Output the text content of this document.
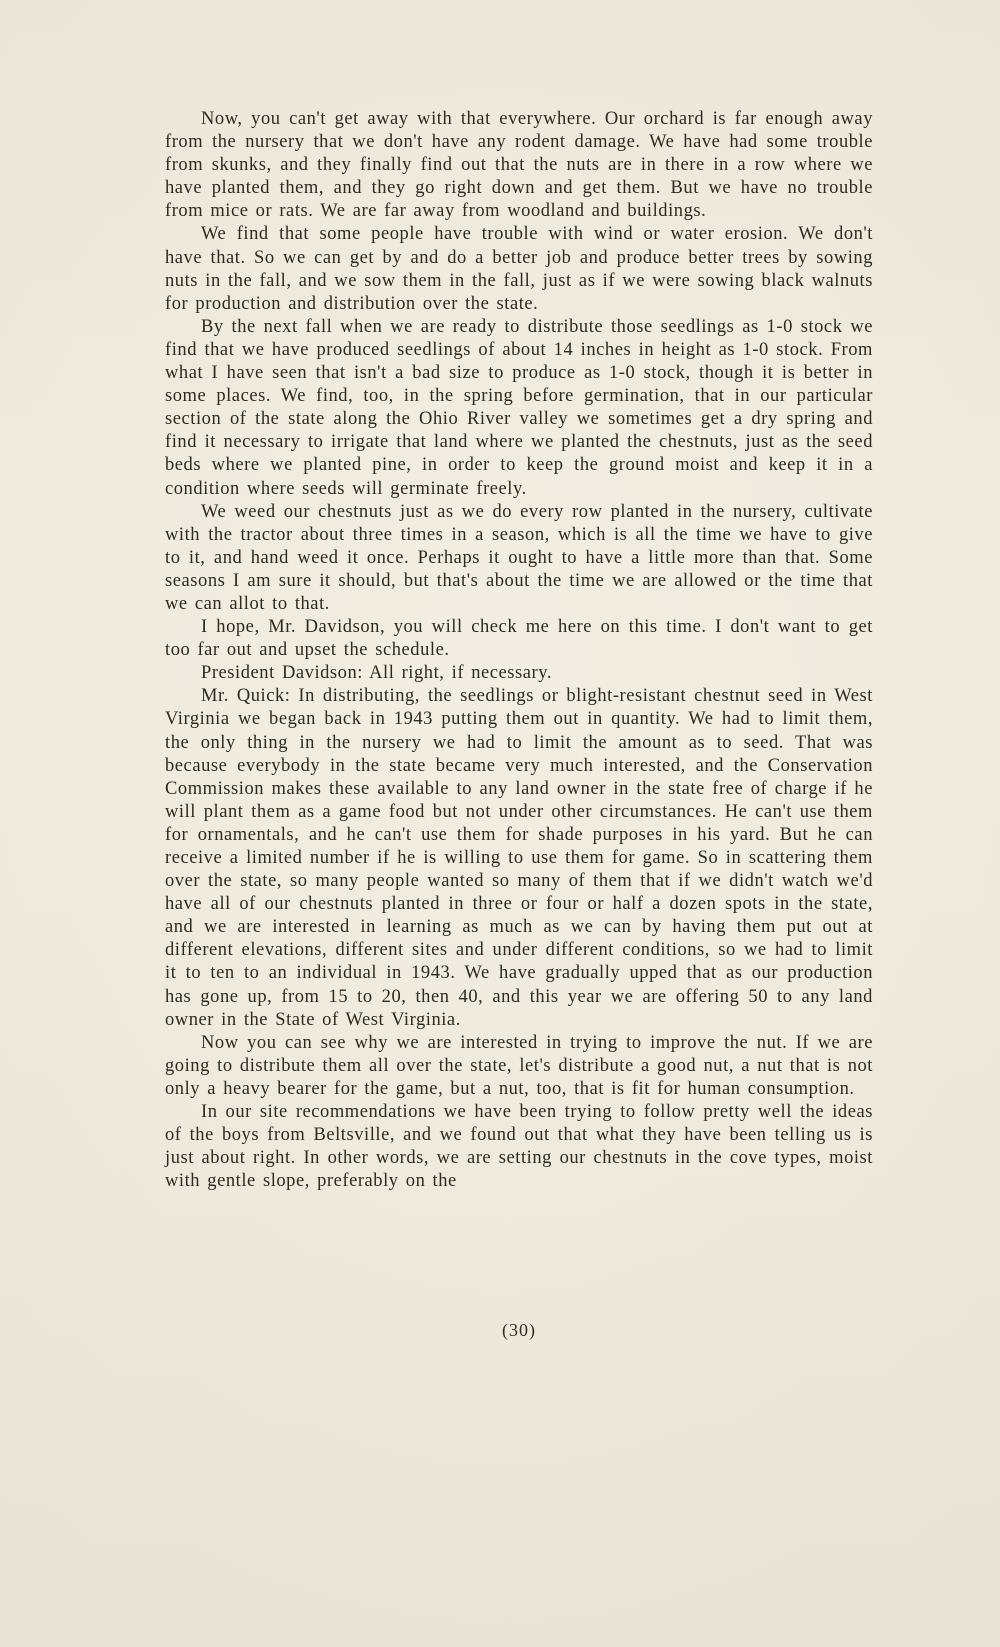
Now, you can't get away with that everywhere. Our orchard is far enough away from the nursery that we don't have any rodent damage. We have had some trouble from skunks, and they finally find out that the nuts are in there in a row where we have planted them, and they go right down and get them. But we have no trouble from mice or rats. We are far away from woodland and buildings.

We find that some people have trouble with wind or water erosion. We don't have that. So we can get by and do a better job and produce better trees by sowing nuts in the fall, and we sow them in the fall, just as if we were sowing black walnuts for production and distribution over the state.

By the next fall when we are ready to distribute those seedlings as 1-0 stock we find that we have produced seedlings of about 14 inches in height as 1-0 stock. From what I have seen that isn't a bad size to produce as 1-0 stock, though it is better in some places. We find, too, in the spring before germination, that in our particular section of the state along the Ohio River valley we sometimes get a dry spring and find it necessary to irrigate that land where we planted the chestnuts, just as the seed beds where we planted pine, in order to keep the ground moist and keep it in a condition where seeds will germinate freely.

We weed our chestnuts just as we do every row planted in the nursery, cultivate with the tractor about three times in a season, which is all the time we have to give to it, and hand weed it once. Perhaps it ought to have a little more than that. Some seasons I am sure it should, but that's about the time we are allowed or the time that we can allot to that.

I hope, Mr. Davidson, you will check me here on this time. I don't want to get too far out and upset the schedule.

President Davidson: All right, if necessary.

Mr. Quick: In distributing, the seedlings or blight-resistant chestnut seed in West Virginia we began back in 1943 putting them out in quantity. We had to limit them, the only thing in the nursery we had to limit the amount as to seed. That was because everybody in the state became very much interested, and the Conservation Commission makes these available to any land owner in the state free of charge if he will plant them as a game food but not under other circumstances. He can't use them for ornamentals, and he can't use them for shade purposes in his yard. But he can receive a limited number if he is willing to use them for game. So in scattering them over the state, so many people wanted so many of them that if we didn't watch we'd have all of our chestnuts planted in three or four or half a dozen spots in the state, and we are interested in learning as much as we can by having them put out at different elevations, different sites and under different conditions, so we had to limit it to ten to an individual in 1943. We have gradually upped that as our production has gone up, from 15 to 20, then 40, and this year we are offering 50 to any land owner in the State of West Virginia.

Now you can see why we are interested in trying to improve the nut. If we are going to distribute them all over the state, let's distribute a good nut, a nut that is not only a heavy bearer for the game, but a nut, too, that is fit for human consumption.

In our site recommendations we have been trying to follow pretty well the ideas of the boys from Beltsville, and we found out that what they have been telling us is just about right. In other words, we are setting our chestnuts in the cove types, moist with gentle slope, preferably on the

(30)
